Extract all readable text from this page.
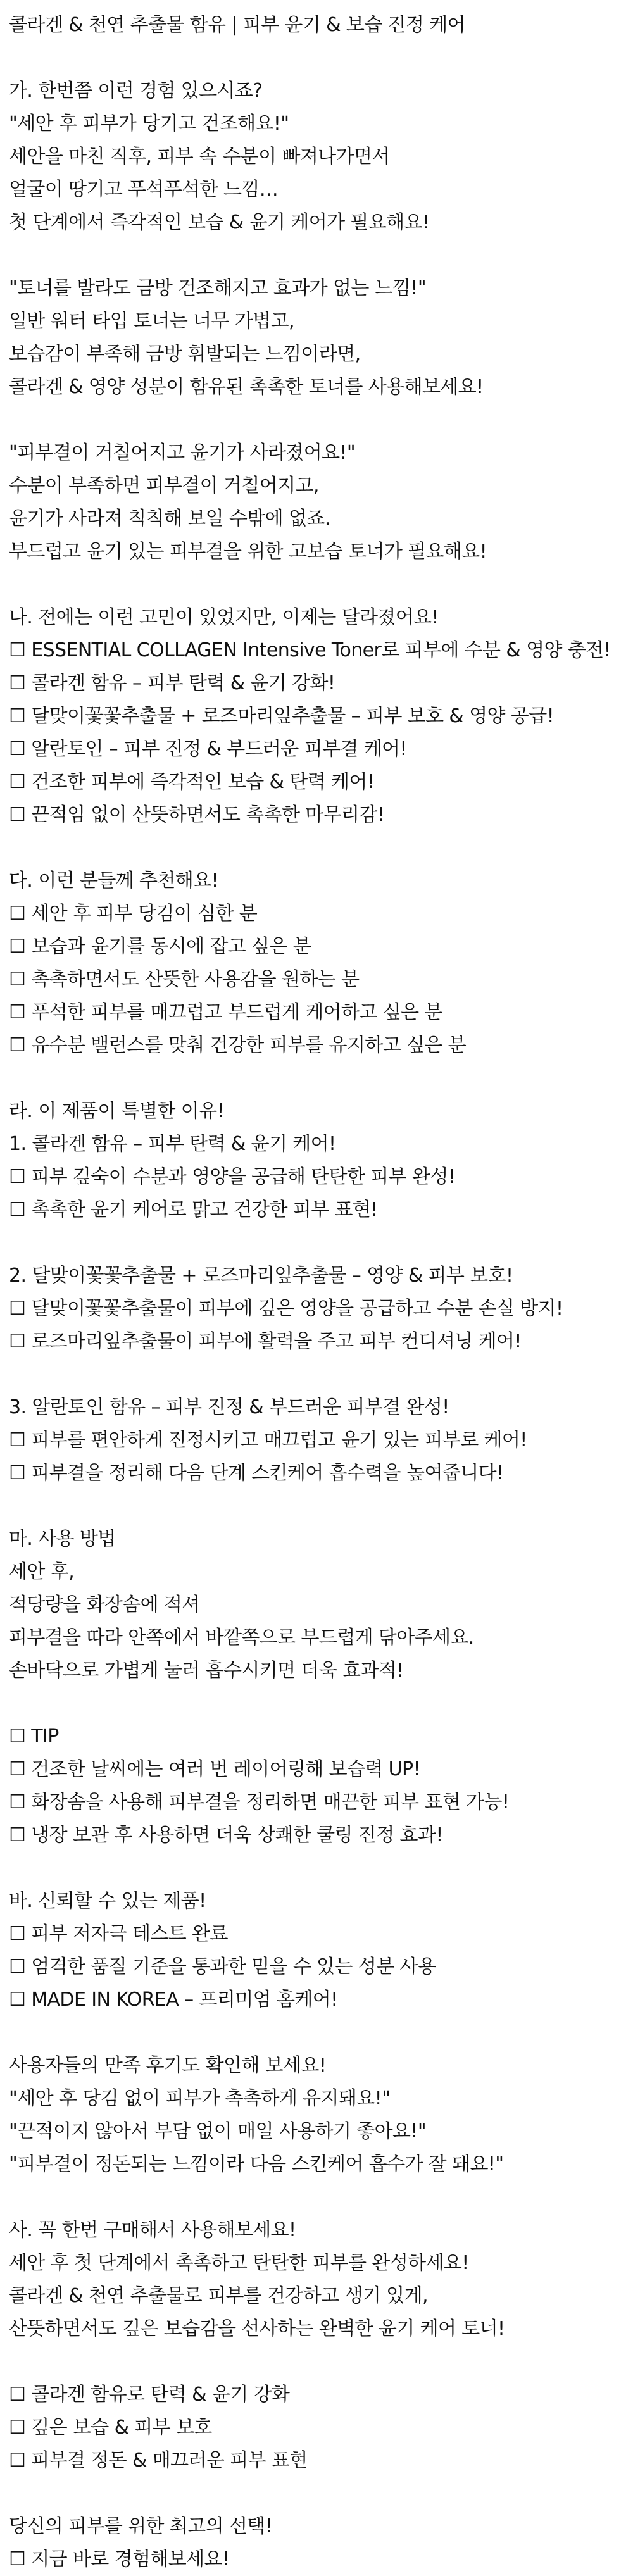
콜라겐 & 천연 추출물 함유 | 피부 윤기 & 보습 진정 케어
가. 한번쯤 이런 경험 있으시죠?
"세안 후 피부가 당기고 건조해요!"
세안을 마친 직후, 피부 속 수분이 빠져나가면서
얼굴이 땅기고 푸석푸석한 느낌…
첫 단계에서 즉각적인 보습 & 윤기 케어가 필요해요!
"토너를 발라도 금방 건조해지고 효과가 없는 느낌!"
일반 워터 타입 토너는 너무 가볍고,
보습감이 부족해 금방 휘발되는 느낌이라면,
콜라겐 & 영양 성분이 함유된 촉촉한 토너를 사용해보세요!
"피부결이 거칠어지고 윤기가 사라졌어요!"
수분이 부족하면 피부결이 거칠어지고,
윤기가 사라져 칙칙해 보일 수밖에 없죠.
부드럽고 윤기 있는 피부결을 위한 고보습 토너가 필요해요!
나. 전에는 이런 고민이 있었지만, 이제는 달라졌어요!
☐ ESSENTIAL COLLAGEN Intensive Toner로 피부에 수분 & 영양 충전!
☐ 콜라겐 함유 – 피부 탄력 & 윤기 강화!
☐ 달맞이꽃꽃추출물 + 로즈마리잎추출물 – 피부 보호 & 영양 공급!
☐ 알란토인 – 피부 진정 & 부드러운 피부결 케어!
☐ 건조한 피부에 즉각적인 보습 & 탄력 케어!
☐ 끈적임 없이 산뜻하면서도 촉촉한 마무리감!
다. 이런 분들께 추천해요!
☐ 세안 후 피부 당김이 심한 분
☐ 보습과 윤기를 동시에 잡고 싶은 분
☐ 촉촉하면서도 산뜻한 사용감을 원하는 분
☐ 푸석한 피부를 매끄럽고 부드럽게 케어하고 싶은 분
☐ 유수분 밸런스를 맞춰 건강한 피부를 유지하고 싶은 분
라. 이 제품이 특별한 이유!
1. 콜라겐 함유 – 피부 탄력 & 윤기 케어!
☐ 피부 깊숙이 수분과 영양을 공급해 탄탄한 피부 완성!
☐ 촉촉한 윤기 케어로 맑고 건강한 피부 표현!
2. 달맞이꽃꽃추출물 + 로즈마리잎추출물 – 영양 & 피부 보호!
☐ 달맞이꽃꽃추출물이 피부에 깊은 영양을 공급하고 수분 손실 방지!
☐ 로즈마리잎추출물이 피부에 활력을 주고 피부 컨디셔닝 케어!
3. 알란토인 함유 – 피부 진정 & 부드러운 피부결 완성!
☐ 피부를 편안하게 진정시키고 매끄럽고 윤기 있는 피부로 케어!
☐ 피부결을 정리해 다음 단계 스킨케어 흡수력을 높여줍니다!
마. 사용 방법
세안 후,
적당량을 화장솜에 적셔
피부결을 따라 안쪽에서 바깥쪽으로 부드럽게 닦아주세요.
손바닥으로 가볍게 눌러 흡수시키면 더욱 효과적!
☐ TIP
☐ 건조한 날씨에는 여러 번 레이어링해 보습력 UP!
☐ 화장솜을 사용해 피부결을 정리하면 매끈한 피부 표현 가능!
☐ 냉장 보관 후 사용하면 더욱 상쾌한 쿨링 진정 효과!
바. 신뢰할 수 있는 제품!
☐ 피부 저자극 테스트 완료
☐ 엄격한 품질 기준을 통과한 믿을 수 있는 성분 사용
☐ MADE IN KOREA – 프리미엄 홈케어!
사용자들의 만족 후기도 확인해 보세요!
"세안 후 당김 없이 피부가 촉촉하게 유지돼요!"
"끈적이지 않아서 부담 없이 매일 사용하기 좋아요!"
"피부결이 정돈되는 느낌이라 다음 스킨케어 흡수가 잘 돼요!"
사. 꼭 한번 구매해서 사용해보세요!
세안 후 첫 단계에서 촉촉하고 탄탄한 피부를 완성하세요!
콜라겐 & 천연 추출물로 피부를 건강하고 생기 있게,
산뜻하면서도 깊은 보습감을 선사하는 완벽한 윤기 케어 토너!
☐ 콜라겐 함유로 탄력 & 윤기 강화
☐ 깊은 보습 & 피부 보호
☐ 피부결 정돈 & 매끄러운 피부 표현
당신의 피부를 위한 최고의 선택!
☐ 지금 바로 경험해보세요!
